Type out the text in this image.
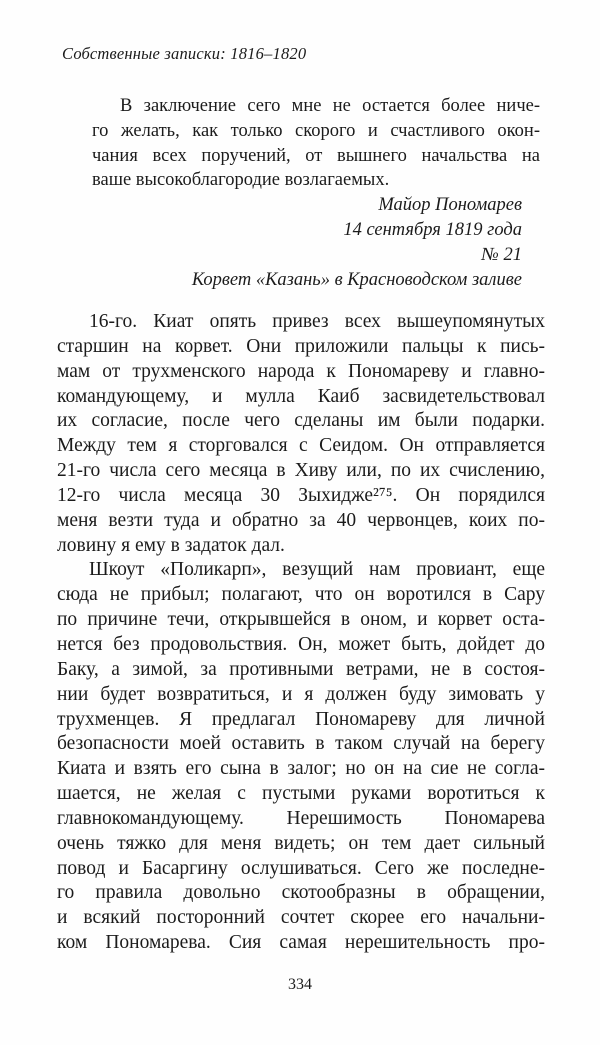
Собственные записки: 1816–1820
В заключение сего мне не остается более ниче-
го желать, как только скорого и счастливого окон-
чания всех поручений, от вышнего начальства на
ваше высокоблагородие возлагаемых.
Майор Пономарев
14 сентября 1819 года
№ 21
Корвет «Казань» в Красноводском заливе
16-го. Киат опять привез всех вышеупомянутых
старшин на корвет. Они приложили пальцы к пись-
мам от трухменского народа к Пономареву и главно-
командующему, и мулла Каиб засвидетельствовал
их согласие, после чего сделаны им были подарки.
Между тем я сторговался с Сеидом. Он отправляется
21-го числа сего месяца в Хиву или, по их счислению,
12-го числа месяца 30 Зыхидже²⁷⁵. Он порядился
меня везти туда и обратно за 40 червонцев, коих по-
ловину я ему в задаток дал.
Шкоут «Поликарп», везущий нам провиант, еще
сюда не прибыл; полагают, что он воротился в Сару
по причине течи, открывшейся в оном, и корвет оста-
нется без продовольствия. Он, может быть, дойдет до
Баку, а зимой, за противными ветрами, не в состоя-
нии будет возвратиться, и я должен буду зимовать у
трухменцев. Я предлагал Пономареву для личной
безопасности моей оставить в таком случай на берегу
Киата и взять его сына в залог; но он на сие не согла-
шается, не желая с пустыми руками воротиться к
главнокомандующему. Нерешимость Пономарева
очень тяжко для меня видеть; он тем дает сильный
повод и Басаргину ослушиваться. Сего же последне-
го правила довольно скотообразны в обращении,
и всякий посторонний сочтет скорее его начальни-
ком Пономарева. Сия самая нерешительность про-
334
